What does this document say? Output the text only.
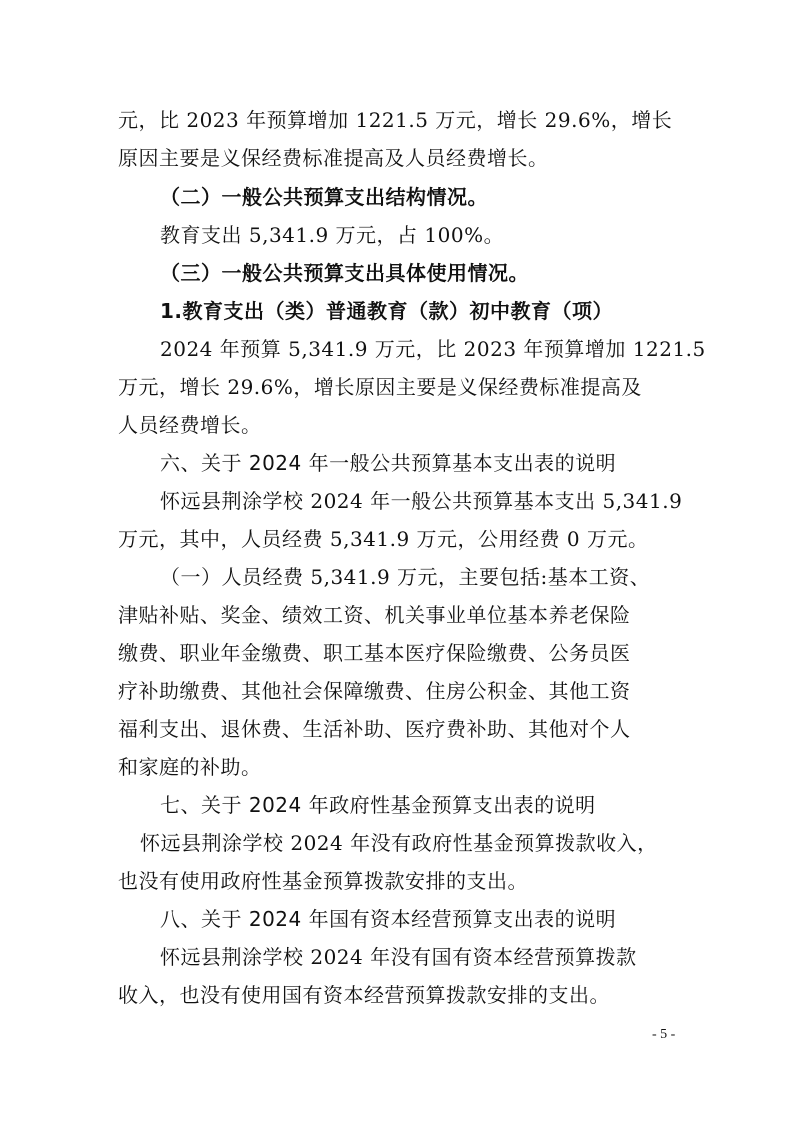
元，比 2023 年预算增加 1221.5 万元，增长 29.6%，增长
原因主要是义保经费标准提高及人员经费增长。
（二）一般公共预算支出结构情况。
教育支出 5,341.9 万元，占 100%。
（三）一般公共预算支出具体使用情况。
1.教育支出（类）普通教育（款）初中教育（项）
2024 年预算 5,341.9 万元，比 2023 年预算增加 1221.5
万元，增长 29.6%，增长原因主要是义保经费标准提高及
人员经费增长。
六、关于 2024 年一般公共预算基本支出表的说明
怀远县荆涂学校 2024 年一般公共预算基本支出 5,341.9
万元，其中，人员经费 5,341.9 万元，公用经费 0 万元。
（一）人员经费 5,341.9 万元，主要包括:基本工资、
津贴补贴、奖金、绩效工资、机关事业单位基本养老保险
缴费、职业年金缴费、职工基本医疗保险缴费、公务员医
疗补助缴费、其他社会保障缴费、住房公积金、其他工资
福利支出、退休费、生活补助、医疗费补助、其他对个人
和家庭的补助。
七、关于 2024 年政府性基金预算支出表的说明
怀远县荆涂学校 2024 年没有政府性基金预算拨款收入，
也没有使用政府性基金预算拨款安排的支出。
八、关于 2024 年国有资本经营预算支出表的说明
怀远县荆涂学校 2024 年没有国有资本经营预算拨款
收入，也没有使用国有资本经营预算拨款安排的支出。
- 5 -
